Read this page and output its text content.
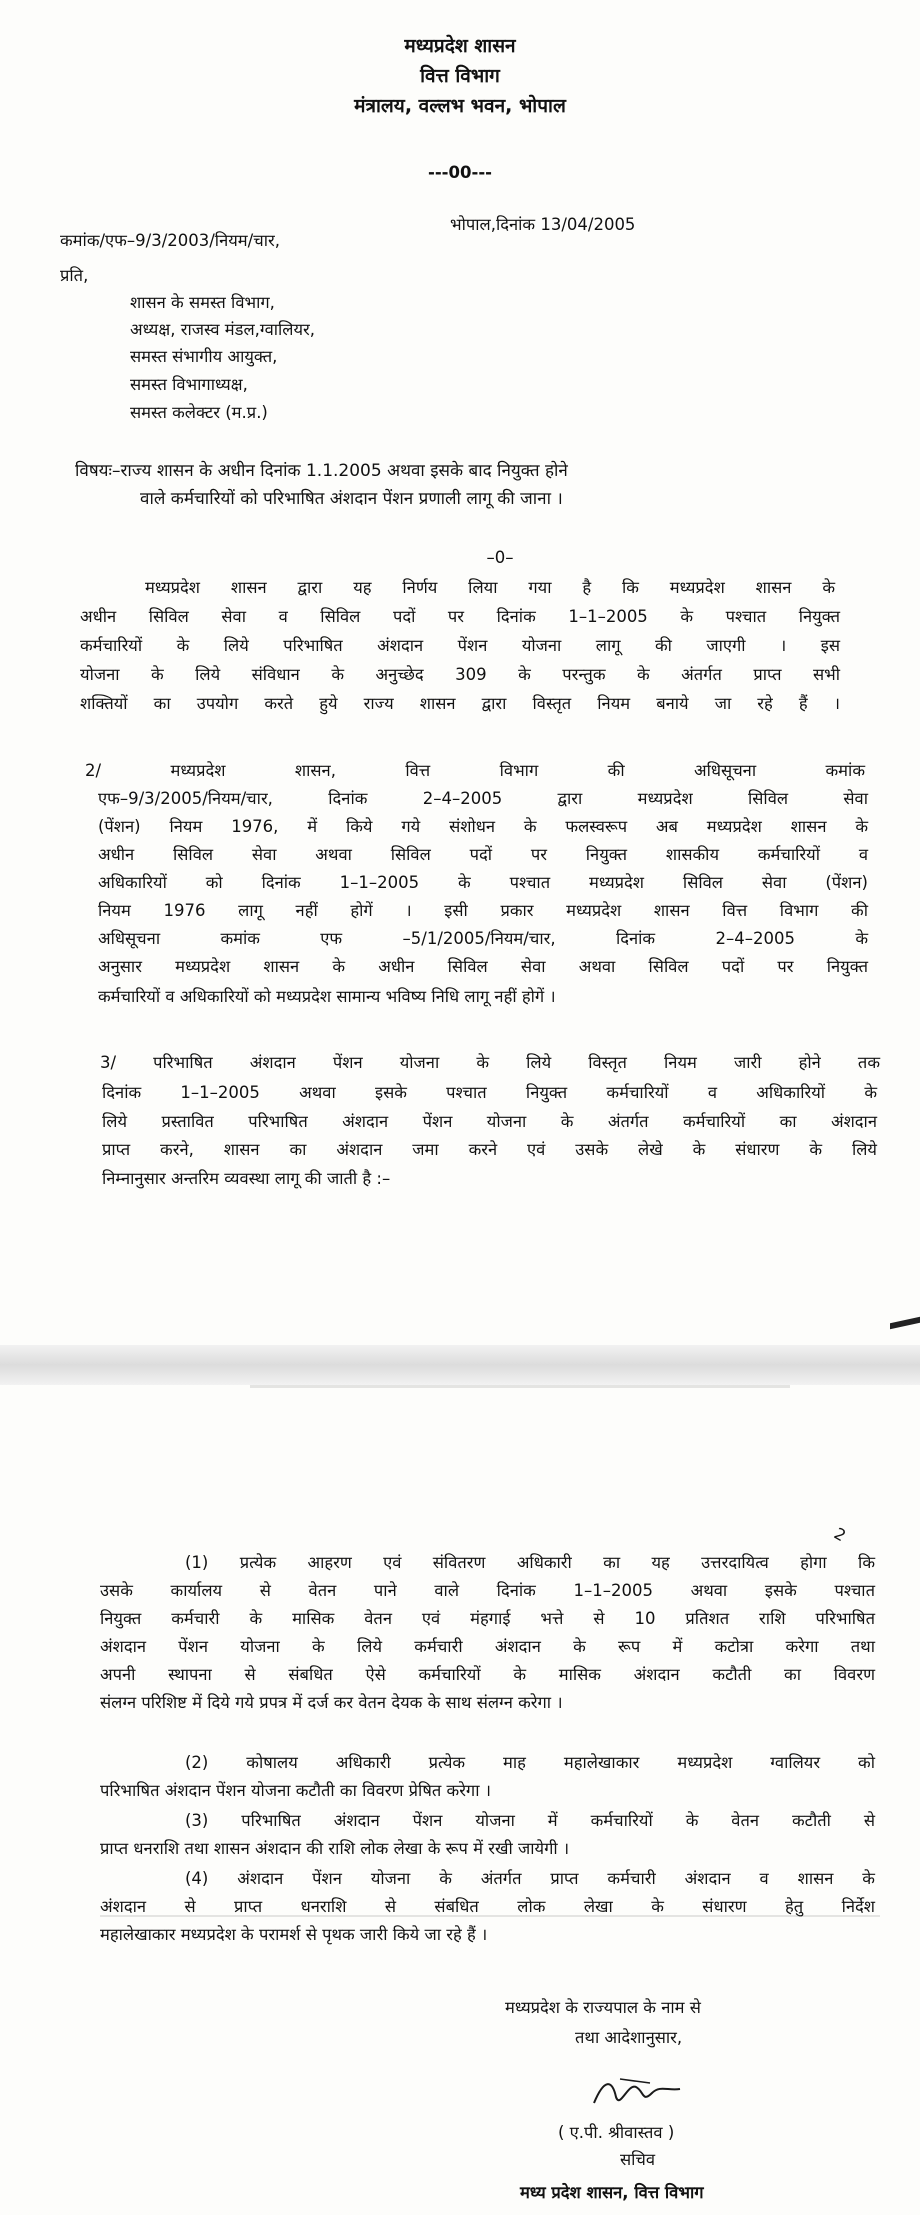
मध्यप्रदेश शासन
वित्त विभाग
मंत्रालय, वल्लभ भवन, भोपाल
---00---
कमांक/एफ–9/3/2003/नियम/चार,
भोपाल,दिनांक 13/04/2005
प्रति,
शासन के समस्त विभाग,
अध्यक्ष, राजस्व मंडल,ग्वालियर,
समस्त संभागीय आयुक्त,
समस्त विभागाध्यक्ष,
समस्त कलेक्टर (म.प्र.)
विषयः–राज्य शासन के अधीन दिनांक 1.1.2005 अथवा इसके बाद नियुक्त होने
वाले कर्मचारियों को परिभाषित अंशदान पेंशन प्रणाली लागू की जाना ।
–0–
मध्यप्रदेश शासन द्वारा यह निर्णय लिया गया है कि मध्यप्रदेश शासन के
अधीन सिविल सेवा व सिविल पदों पर दिनांक 1–1–2005 के पश्चात नियुक्त
कर्मचारियों के लिये परिभाषित अंशदान पेंशन योजना लागू की जाएगी । इस
योजना के लिये संविधान के अनुच्छेद 309 के परन्तुक के अंतर्गत प्राप्त सभी
शक्तियों का उपयोग करते हुये राज्य शासन द्वारा विस्तृत नियम बनाये जा रहे हैं ।
2/ मध्यप्रदेश शासन, वित्त विभाग की अधिसूचना कमांक
एफ–9/3/2005/नियम/चार, दिनांक 2–4–2005 द्वारा मध्यप्रदेश सिविल सेवा
(पेंशन) नियम 1976, में किये गये संशोधन के फलस्वरूप अब मध्यप्रदेश शासन के
अधीन सिविल सेवा अथवा सिविल पदों पर नियुक्त शासकीय कर्मचारियों व
अधिकारियों को दिनांक 1–1–2005 के पश्चात मध्यप्रदेश सिविल सेवा (पेंशन)
नियम 1976 लागू नहीं होगें । इसी प्रकार मध्यप्रदेश शासन वित्त विभाग की
अधिसूचना कमांक एफ –5/1/2005/नियम/चार, दिनांक 2–4–2005 के
अनुसार मध्यप्रदेश शासन के अधीन सिविल सेवा अथवा सिविल पदों पर नियुक्त
कर्मचारियों व अधिकारियों को मध्यप्रदेश सामान्य भविष्य निधि लागू नहीं होगें ।
3/ परिभाषित अंशदान पेंशन योजना के लिये विस्तृत नियम जारी होने तक
दिनांक 1–1–2005 अथवा इसके पश्चात नियुक्त कर्मचारियों व अधिकारियों के
लिये प्रस्तावित परिभाषित अंशदान पेंशन योजना के अंतर्गत कर्मचारियों का अंशदान
प्राप्त करने, शासन का अंशदान जमा करने एवं उसके लेखे के संधारण के लिये
निम्नानुसार अन्तरिम व्यवस्था लागू की जाती है :–
2
(1) प्रत्येक आहरण एवं संवितरण अधिकारी का यह उत्तरदायित्व होगा कि
उसके कार्यालय से वेतन पाने वाले दिनांक 1–1–2005 अथवा इसके पश्चात
नियुक्त कर्मचारी के मासिक वेतन एवं मंहगाई भत्ते से 10 प्रतिशत राशि परिभाषित
अंशदान पेंशन योजना के लिये कर्मचारी अंशदान के रूप में कटोत्रा करेगा तथा
अपनी स्थापना से संबधित ऐसे कर्मचारियों के मासिक अंशदान कटौती का विवरण
संलग्न परिशिष्ट में दिये गये प्रपत्र में दर्ज कर वेतन देयक के साथ संलग्न करेगा ।
(2) कोषालय अधिकारी प्रत्येक माह महालेखाकार मध्यप्रदेश ग्वालियर को
परिभाषित अंशदान पेंशन योजना कटौती का विवरण प्रेषित करेगा ।
(3) परिभाषित अंशदान पेंशन योजना में कर्मचारियों के वेतन कटौती से
प्राप्त धनराशि तथा शासन अंशदान की राशि लोक लेखा के रूप में रखी जायेगी ।
(4) अंशदान पेंशन योजना के अंतर्गत प्राप्त कर्मचारी अंशदान व शासन के
अंशदान से प्राप्त धनराशि से संबधित लोक लेखा के संधारण हेतु निर्देश
महालेखाकार मध्यप्रदेश के परामर्श से पृथक जारी किये जा रहे हैं ।
मध्यप्रदेश के राज्यपाल के नाम से
तथा आदेशानुसार,
( ए.पी. श्रीवास्तव )
सचिव
मध्य प्रदेश शासन, वित्त विभाग
